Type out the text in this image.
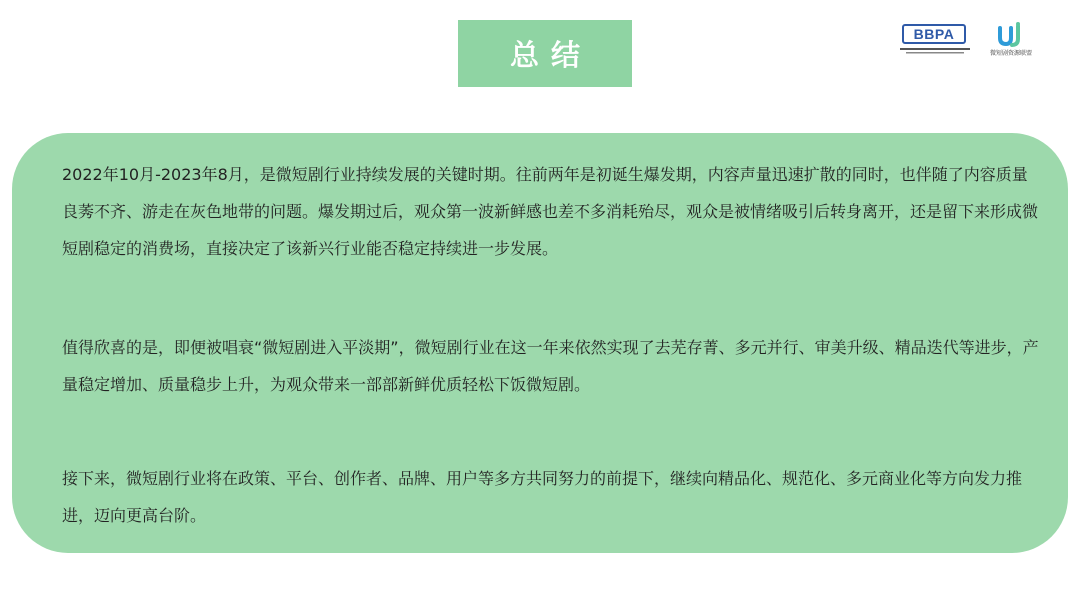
总结
BBPA
微短剧资源联盟

2022年10月-2023年8月，是微短剧行业持续发展的关键时期。往前两年是初诞生爆发期，内容声量迅速扩散的同时，也伴随了内容质量良莠不齐、游走在灰色地带的问题。爆发期过后，观众第一波新鲜感也差不多消耗殆尽，观众是被情绪吸引后转身离开，还是留下来形成微短剧稳定的消费场，直接决定了该新兴行业能否稳定持续进一步发展。

值得欣喜的是，即便被唱衰“微短剧进入平淡期”，微短剧行业在这一年来依然实现了去芜存菁、多元并行、审美升级、精品迭代等进步，产量稳定增加、质量稳步上升，为观众带来一部部新鲜优质轻松下饭微短剧。

接下来，微短剧行业将在政策、平台、创作者、品牌、用户等多方共同努力的前提下，继续向精品化、规范化、多元商业化等方向发力推进，迈向更高台阶。
